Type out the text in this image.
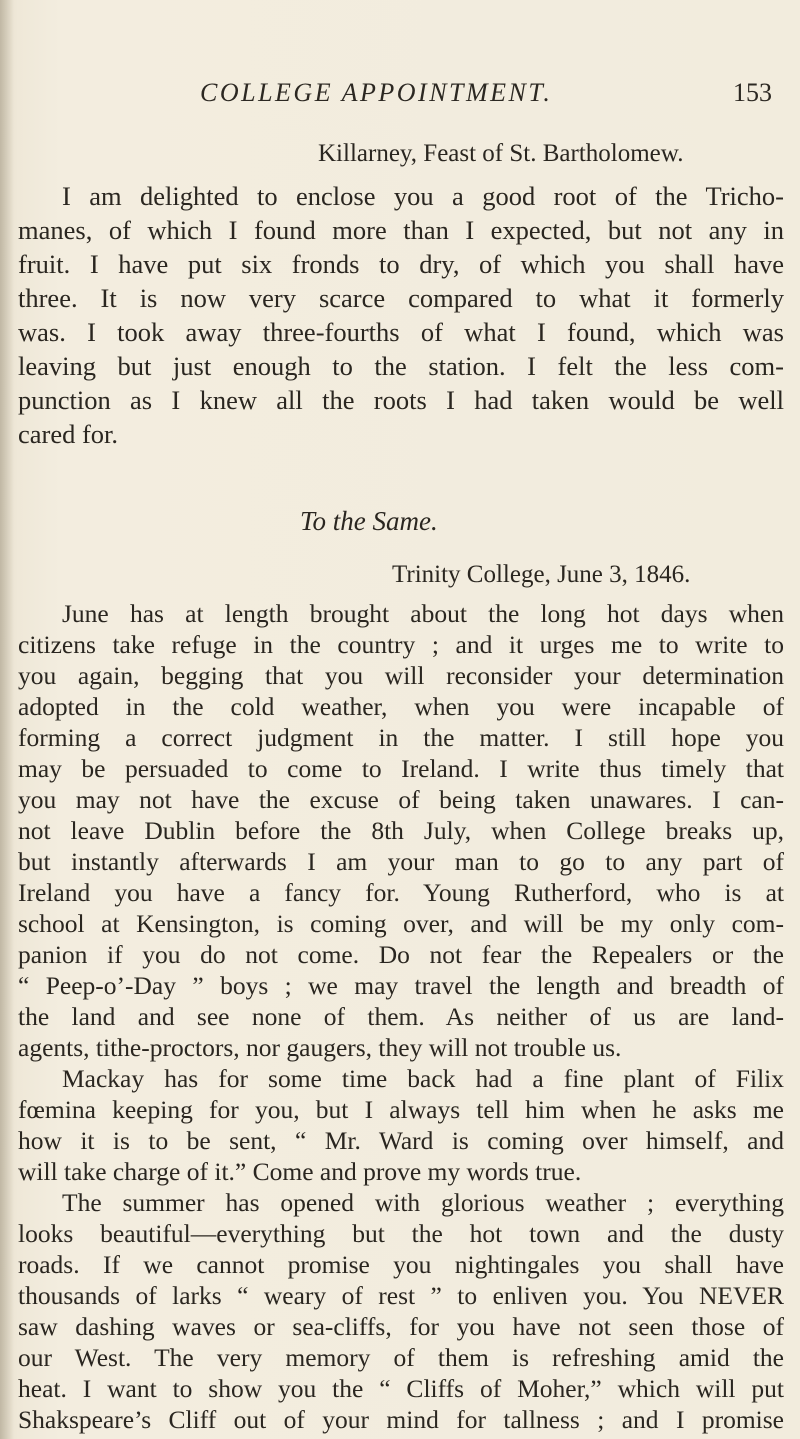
COLLEGE APPOINTMENT.	153
Killarney, Feast of St. Bartholomew.
I am delighted to enclose you a good root of the Tricho-
manes, of which I found more than I expected, but not any in
fruit. I have put six fronds to dry, of which you shall have
three. It is now very scarce compared to what it formerly
was. I took away three-fourths of what I found, which was
leaving but just enough to the station. I felt the less com-
punction as I knew all the roots I had taken would be well
cared for.
To the Same.
Trinity College, June 3, 1846.
June has at length brought about the long hot days when
citizens take refuge in the country ; and it urges me to write to
you again, begging that you will reconsider your determination
adopted in the cold weather, when you were incapable of
forming a correct judgment in the matter. I still hope you
may be persuaded to come to Ireland. I write thus timely that
you may not have the excuse of being taken unawares. I can-
not leave Dublin before the 8th July, when College breaks up,
but instantly afterwards I am your man to go to any part of
Ireland you have a fancy for. Young Rutherford, who is at
school at Kensington, is coming over, and will be my only com-
panion if you do not come. Do not fear the Repealers or the
“ Peep-o’-Day ” boys ; we may travel the length and breadth of
the land and see none of them. As neither of us are land-
agents, tithe-proctors, nor gaugers, they will not trouble us.
Mackay has for some time back had a fine plant of Filix
fœmina keeping for you, but I always tell him when he asks me
how it is to be sent, “ Mr. Ward is coming over himself, and
will take charge of it.” Come and prove my words true.
The summer has opened with glorious weather ; everything
looks beautiful—everything but the hot town and the dusty
roads. If we cannot promise you nightingales you shall have
thousands of larks “ weary of rest ” to enliven you. You NEVER
saw dashing waves or sea-cliffs, for you have not seen those of
our West. The very memory of them is refreshing amid the
heat. I want to show you the “ Cliffs of Moher,” which will put
Shakspeare’s Cliff out of your mind for tallness ; and I promise
